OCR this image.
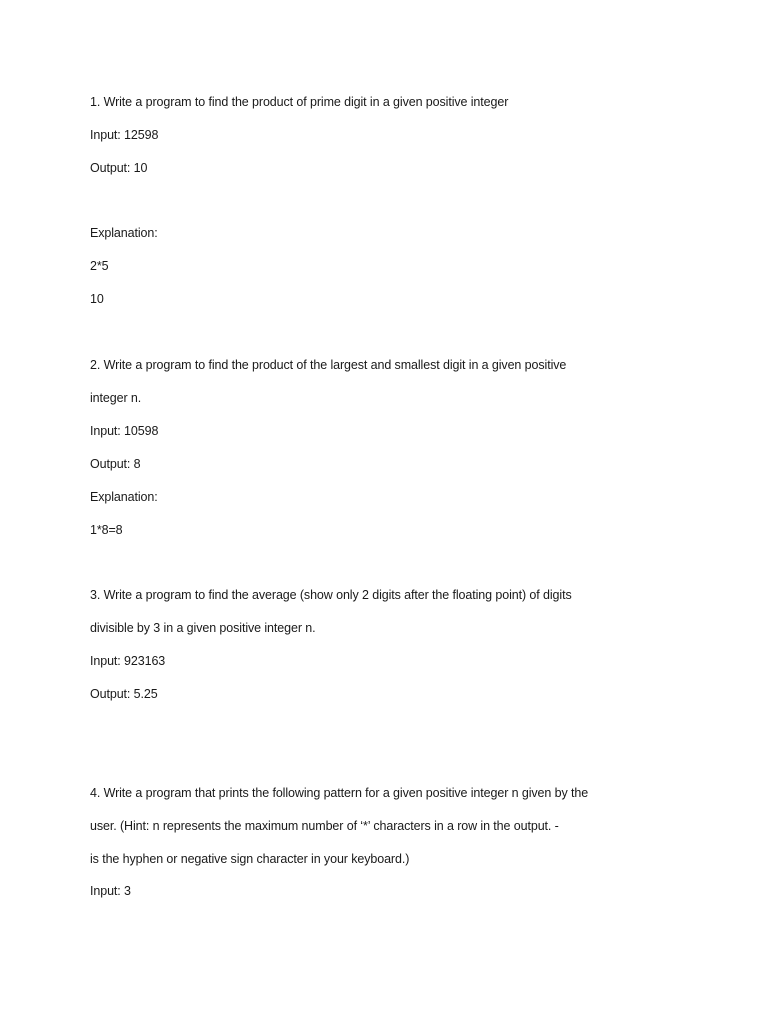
1. Write a program to find the product of prime digit in a given positive integer
Input: 12598
Output: 10
Explanation:
2*5
10
2. Write a program to find the product of the largest and smallest digit in a given positive
integer n.
Input: 10598
Output: 8
Explanation:
1*8=8
3. Write a program to find the average (show only 2 digits after the floating point) of digits
divisible by 3 in a given positive integer n.
Input: 923163
Output: 5.25
4. Write a program that prints the following pattern for a given positive integer n given by the
user. (Hint: n represents the maximum number of ‘*’ characters in a row in the output. -
is the hyphen or negative sign character in your keyboard.)
Input: 3
